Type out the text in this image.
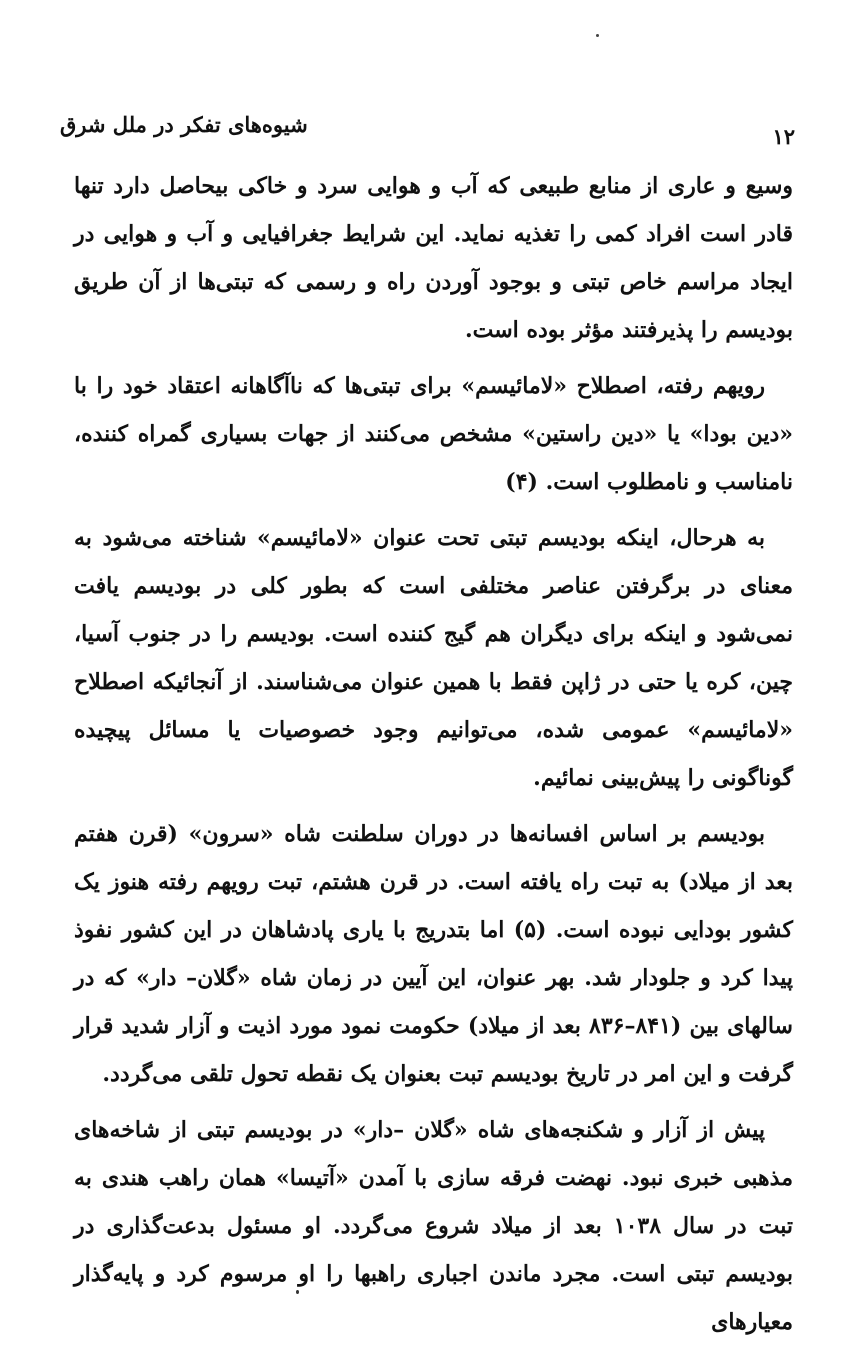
شیوه‌های تفکر در ملل شرق	۱۲

وسیع و عاری از منابع طبیعی که آب و هوایی سرد و خاکی بیحاصل دارد تنها قادر است افراد کمی را تغذیه نماید. این شرایط جغرافیایی و آب و هوایی در ایجاد مراسم خاص تبتی و بوجود آوردن راه و رسمی که تبتی‌ها از آن طریق بودیسم را پذیرفتند مؤثر بوده است.

رویهم رفته، اصطلاح «لامائیسم» برای تبتی‌ها که ناآگاهانه اعتقاد خود را با «دین بودا» یا «دین راستین» مشخص می‌کنند از جهات بسیاری گمراه کننده، نامناسب و نامطلوب است. (۴)

به هرحال، اینکه بودیسم تبتی تحت عنوان «لامائیسم» شناخته می‌شود به معنای در برگرفتن عناصر مختلفی است که بطور کلی در بودیسم یافت نمی‌شود و اینکه برای دیگران هم گیج کننده است. بودیسم را در جنوب آسیا، چین، کره یا حتی در ژاپن فقط با همین عنوان می‌شناسند. از آنجائیکه اصطلاح «لامائیسم» عمومی شده، می‌توانیم وجود خصوصیات یا مسائل پیچیده گوناگونی را پیش‌بینی نمائیم.

بودیسم بر اساس افسانه‌ها در دوران سلطنت شاه «سرون» (قرن هفتم بعد از میلاد) به تبت راه یافته است. در قرن هشتم، تبت رویهم رفته هنوز یک کشور بودایی نبوده است. (۵) اما بتدریج با یاری پادشاهان در این کشور نفوذ پیدا کرد و جلودار شد. بهر عنوان، این آیین در زمان شاه «گلان– دار» که در سالهای بین (۸۴۱–۸۳۶ بعد از میلاد) حکومت نمود مورد اذیت و آزار شدید قرار گرفت و این امر در تاریخ بودیسم تبت بعنوان یک نقطه تحول تلقی می‌گردد.

پیش از آزار و شکنجه‌های شاه «گلان –دار» در بودیسم تبتی از شاخه‌های مذهبی خبری نبود. نهضت فرقه سازی با آمدن «آتیسا» همان راهب هندی به تبت در سال ۱۰۳۸ بعد از میلاد شروع می‌گردد. او مسئول بدعت‌گذاری در بودیسم تبتی است. مجرد ماندن اجباری راهبها را او مرسوم کرد و پایه‌گذار معیارهای
